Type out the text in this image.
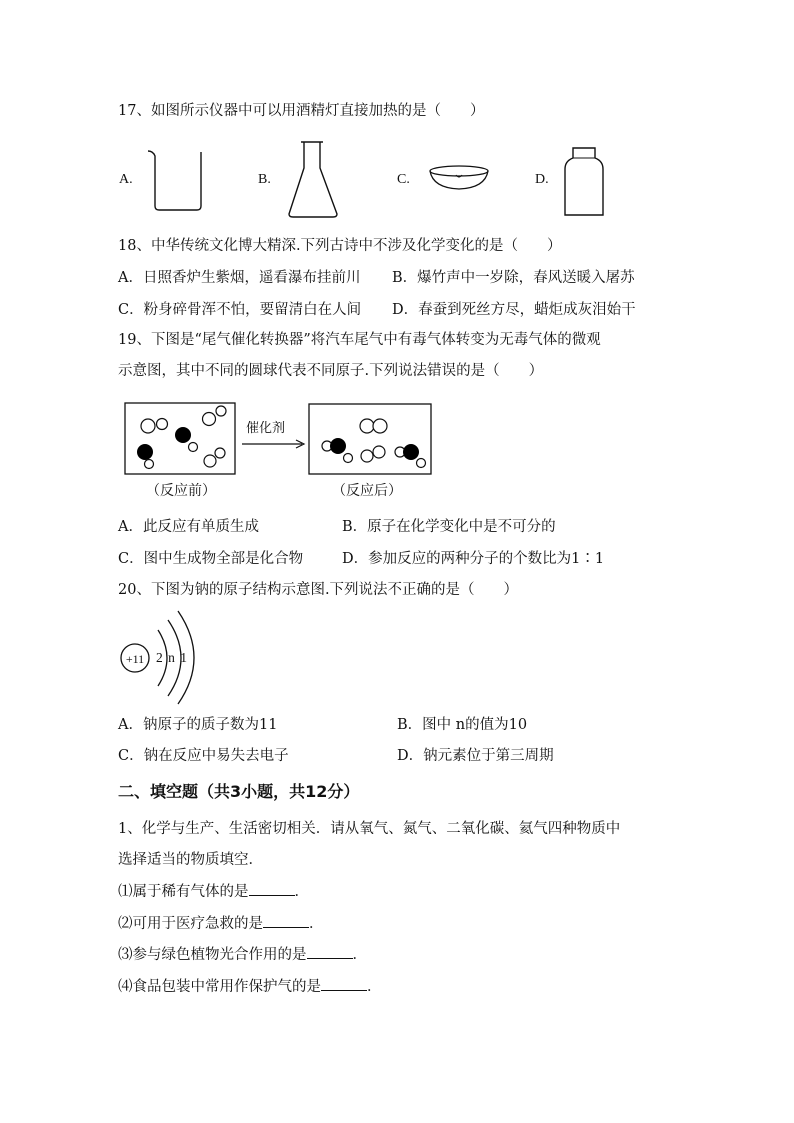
17、如图所示仪器中可以用酒精灯直接加热的是（　　）
A.	B.	C.	D.
18、中华传统文化博大精深.下列古诗中不涉及化学变化的是（　　）
A．日照香炉生紫烟，遥看瀑布挂前川 B．爆竹声中一岁除，春风送暖入屠苏
C．粉身碎骨浑不怕，要留清白在人间 D．春蚕到死丝方尽，蜡炬成灰泪始干
19、下图是“尾气催化转换器”将汽车尾气中有毒气体转变为无毒气体的微观
示意图，其中不同的圆球代表不同原子.下列说法错误的是（　　）
催化剂
（反应前）	（反应后）
A．此反应有单质生成	B．原子在化学变化中是不可分的
C．图中生成物全部是化合物	D．参加反应的两种分子的个数比为1∶1
20、下图为钠的原子结构示意图.下列说法不正确的是（　　）
+11 2 n 1
A．钠原子的质子数为11	B．图中 n的值为10
C．钠在反应中易失去电子	D．钠元素位于第三周期
二、填空题（共3小题，共12分）
1、化学与生产、生活密切相关．请从氧气、氮气、二氧化碳、氦气四种物质中
选择适当的物质填空．
⑴属于稀有气体的是	．
⑵可用于医疗急救的是	．
⑶参与绿色植物光合作用的是	．
⑷食品包装中常用作保护气的是	．
